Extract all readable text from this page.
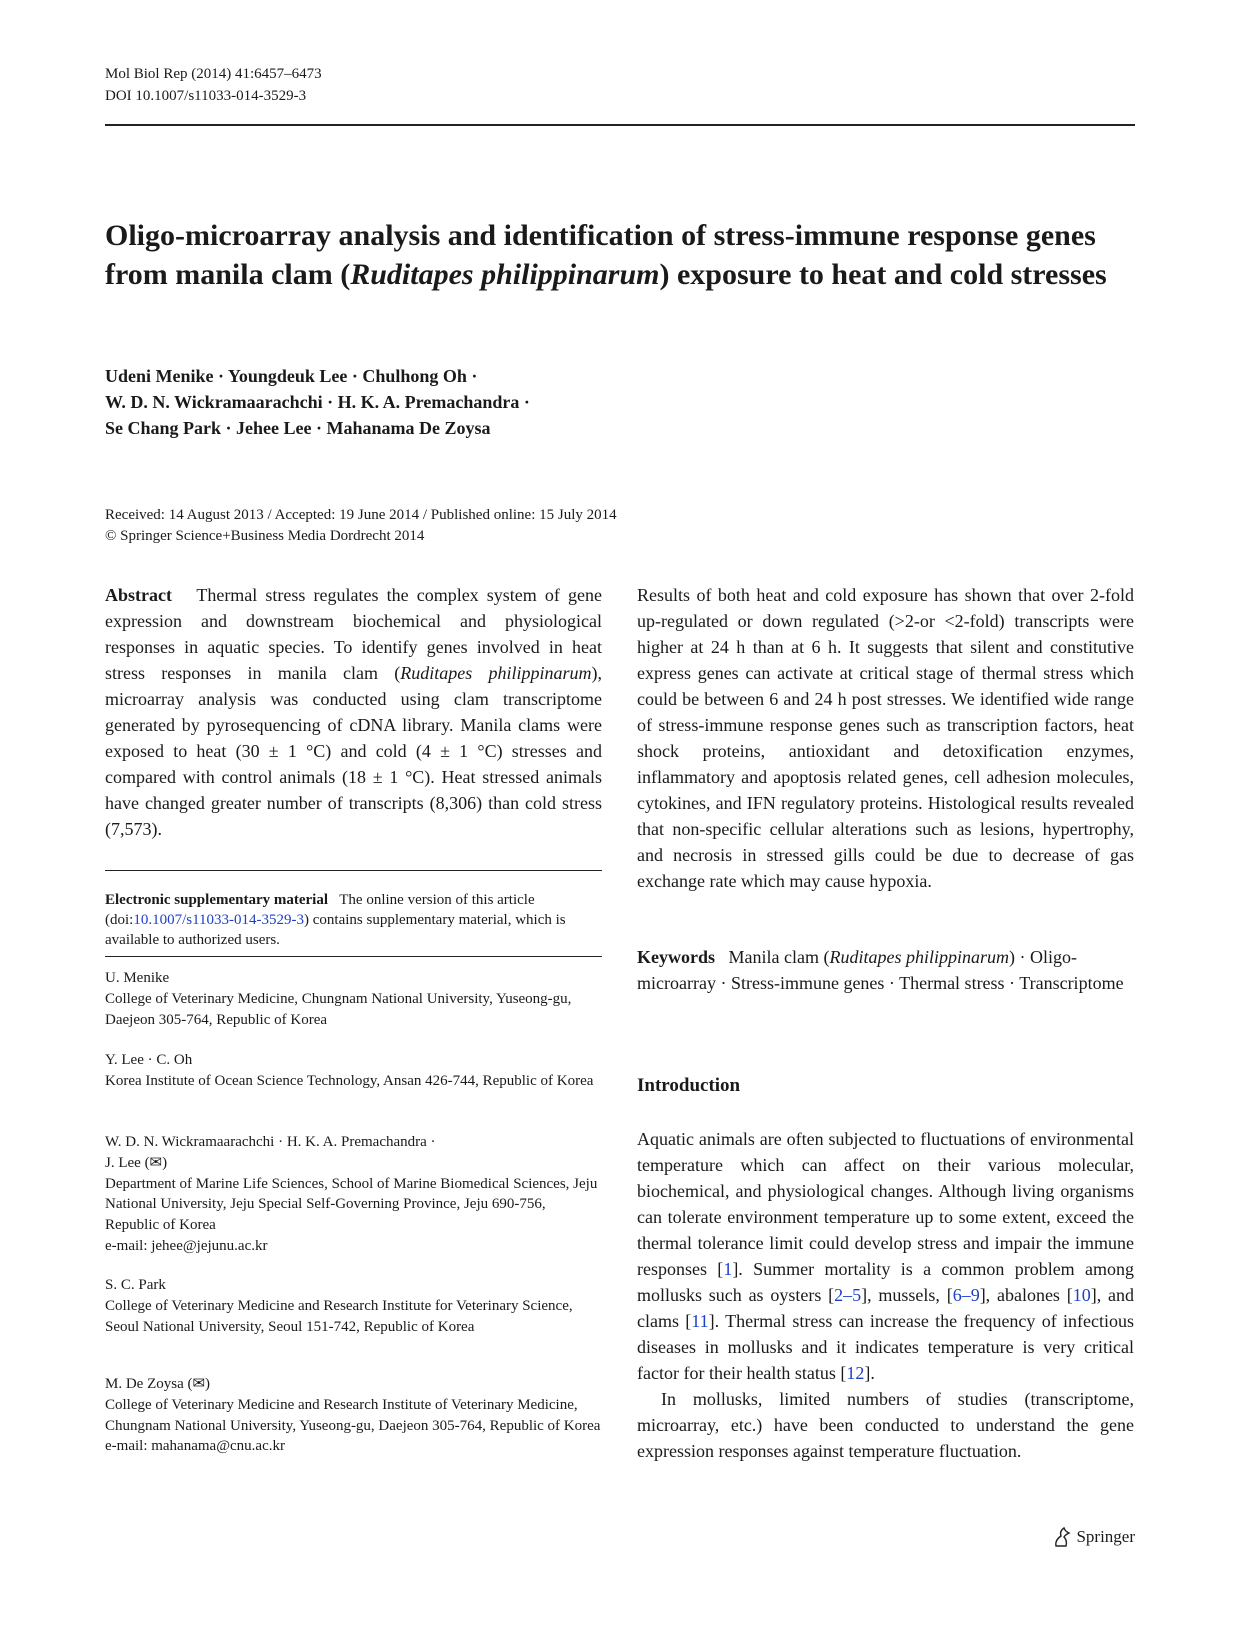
Mol Biol Rep (2014) 41:6457–6473
DOI 10.1007/s11033-014-3529-3
Oligo-microarray analysis and identification of stress-immune response genes from manila clam (Ruditapes philippinarum) exposure to heat and cold stresses
Udeni Menike · Youngdeuk Lee · Chulhong Oh ·
W. D. N. Wickramaarachchi · H. K. A. Premachandra ·
Se Chang Park · Jehee Lee · Mahanama De Zoysa
Received: 14 August 2013 / Accepted: 19 June 2014 / Published online: 15 July 2014
© Springer Science+Business Media Dordrecht 2014
Abstract Thermal stress regulates the complex system of gene expression and downstream biochemical and physiological responses in aquatic species. To identify genes involved in heat stress responses in manila clam (Ruditapes philippinarum), microarray analysis was conducted using clam transcriptome generated by pyrosequencing of cDNA library. Manila clams were exposed to heat (30 ± 1 °C) and cold (4 ± 1 °C) stresses and compared with control animals (18 ± 1 °C). Heat stressed animals have changed greater number of transcripts (8,306) than cold stress (7,573).
Electronic supplementary material The online version of this article (doi:10.1007/s11033-014-3529-3) contains supplementary material, which is available to authorized users.
U. Menike
College of Veterinary Medicine, Chungnam National University, Yuseong-gu, Daejeon 305-764, Republic of Korea
Y. Lee · C. Oh
Korea Institute of Ocean Science Technology, Ansan 426-744, Republic of Korea
W. D. N. Wickramaarachchi · H. K. A. Premachandra ·
J. Lee (✉)
Department of Marine Life Sciences, School of Marine Biomedical Sciences, Jeju National University, Jeju Special Self-Governing Province, Jeju 690-756, Republic of Korea
e-mail: jehee@jejunu.ac.kr
S. C. Park
College of Veterinary Medicine and Research Institute for Veterinary Science, Seoul National University, Seoul 151-742, Republic of Korea
M. De Zoysa (✉)
College of Veterinary Medicine and Research Institute of Veterinary Medicine, Chungnam National University, Yuseong-gu, Daejeon 305-764, Republic of Korea
e-mail: mahanama@cnu.ac.kr
Results of both heat and cold exposure has shown that over 2-fold up-regulated or down regulated (>2-or <2-fold) transcripts were higher at 24 h than at 6 h. It suggests that silent and constitutive express genes can activate at critical stage of thermal stress which could be between 6 and 24 h post stresses. We identified wide range of stress-immune response genes such as transcription factors, heat shock proteins, antioxidant and detoxification enzymes, inflammatory and apoptosis related genes, cell adhesion molecules, cytokines, and IFN regulatory proteins. Histological results revealed that non-specific cellular alterations such as lesions, hypertrophy, and necrosis in stressed gills could be due to decrease of gas exchange rate which may cause hypoxia.
Keywords Manila clam (Ruditapes philippinarum) · Oligo-microarray · Stress-immune genes · Thermal stress · Transcriptome
Introduction

Aquatic animals are often subjected to fluctuations of environmental temperature which can affect on their various molecular, biochemical, and physiological changes. Although living organisms can tolerate environment temperature up to some extent, exceed the thermal tolerance limit could develop stress and impair the immune responses [1]. Summer mortality is a common problem among mollusks such as oysters [2–5], mussels, [6–9], abalones [10], and clams [11]. Thermal stress can increase the frequency of infectious diseases in mollusks and it indicates temperature is very critical factor for their health status [12].

In mollusks, limited numbers of studies (transcriptome, microarray, etc.) have been conducted to understand the gene expression responses against temperature fluctuation.

Springer
